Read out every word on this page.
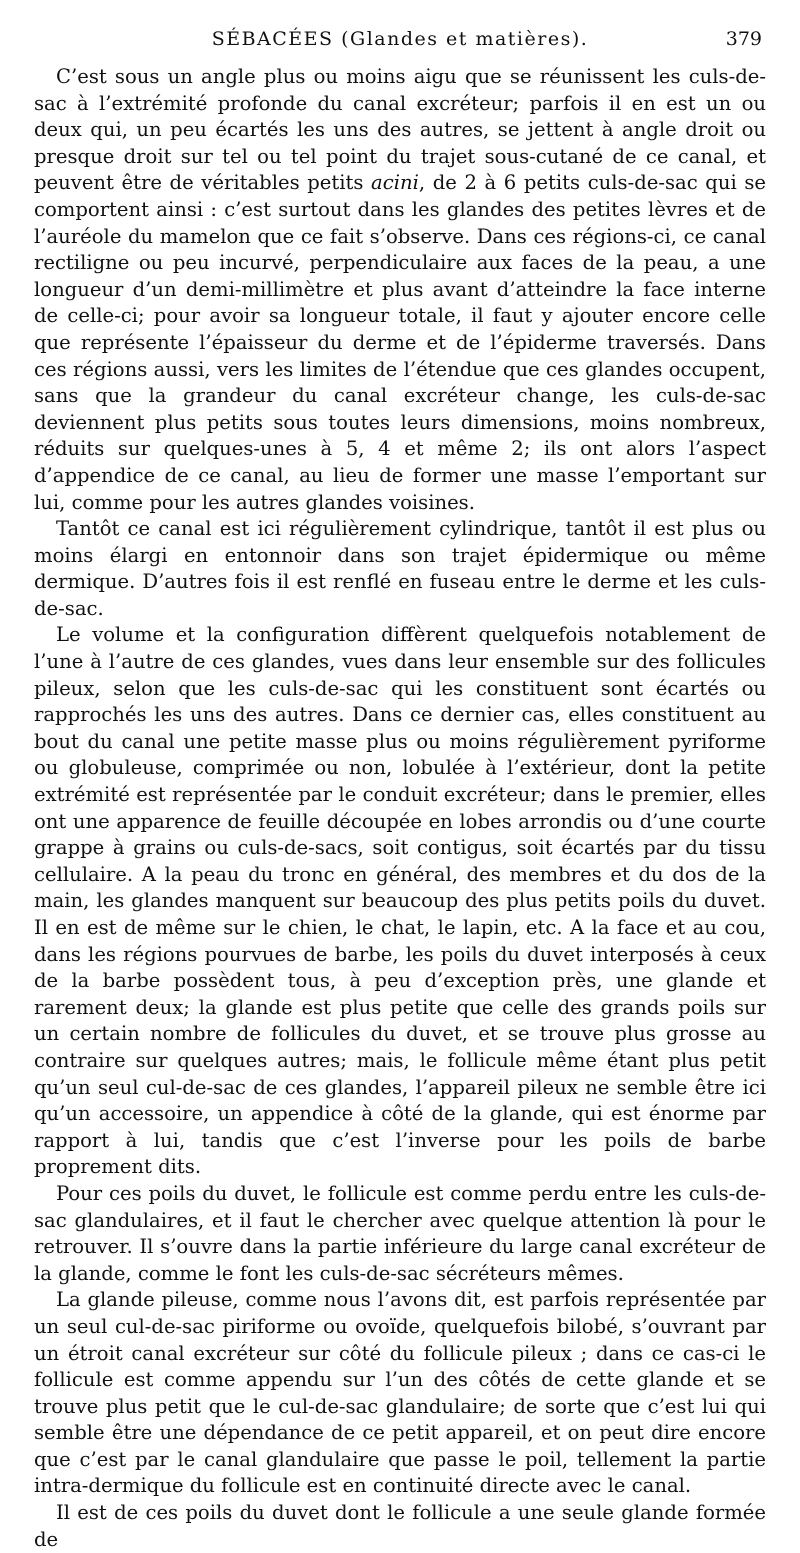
SÉBACÉES (Glandes et matières).	379

C’est sous un angle plus ou moins aigu que se réunissent les culs-de-sac à l’extrémité profonde du canal excréteur; parfois il en est un ou deux qui, un peu écartés les uns des autres, se jettent à angle droit ou presque droit sur tel ou tel point du trajet sous-cutané de ce canal, et peuvent être de véritables petits acini, de 2 à 6 petits culs-de-sac qui se comportent ainsi : c’est surtout dans les glandes des petites lèvres et de l’auréole du mamelon que ce fait s’observe. Dans ces régions-ci, ce canal rectiligne ou peu incurvé, perpendiculaire aux faces de la peau, a une longueur d’un demi-millimètre et plus avant d’atteindre la face interne de celle-ci; pour avoir sa longueur totale, il faut y ajouter encore celle que représente l’épaisseur du derme et de l’épiderme traversés. Dans ces régions aussi, vers les limites de l’étendue que ces glandes occupent, sans que la grandeur du canal excréteur change, les culs-de-sac deviennent plus petits sous toutes leurs dimensions, moins nombreux, réduits sur quelques-unes à 5, 4 et même 2; ils ont alors l’aspect d’appendice de ce canal, au lieu de former une masse l’emportant sur lui, comme pour les autres glandes voisines.

Tantôt ce canal est ici régulièrement cylindrique, tantôt il est plus ou moins élargi en entonnoir dans son trajet épidermique ou même dermique. D’autres fois il est renflé en fuseau entre le derme et les culs-de-sac.

Le volume et la configuration diffèrent quelquefois notablement de l’une à l’autre de ces glandes, vues dans leur ensemble sur des follicules pileux, selon que les culs-de-sac qui les constituent sont écartés ou rapprochés les uns des autres. Dans ce dernier cas, elles constituent au bout du canal une petite masse plus ou moins régulièrement pyriforme ou globuleuse, comprimée ou non, lobulée à l’extérieur, dont la petite extrémité est représentée par le conduit excréteur; dans le premier, elles ont une apparence de feuille découpée en lobes arrondis ou d’une courte grappe à grains ou culs-de-sacs, soit contigus, soit écartés par du tissu cellulaire. A la peau du tronc en général, des membres et du dos de la main, les glandes manquent sur beaucoup des plus petits poils du duvet. Il en est de même sur le chien, le chat, le lapin, etc. A la face et au cou, dans les régions pourvues de barbe, les poils du duvet interposés à ceux de la barbe possèdent tous, à peu d’exception près, une glande et rarement deux; la glande est plus petite que celle des grands poils sur un certain nombre de follicules du duvet, et se trouve plus grosse au contraire sur quelques autres; mais, le follicule même étant plus petit qu’un seul cul-de-sac de ces glandes, l’appareil pileux ne semble être ici qu’un accessoire, un appendice à côté de la glande, qui est énorme par rapport à lui, tandis que c’est l’inverse pour les poils de barbe proprement dits.

Pour ces poils du duvet, le follicule est comme perdu entre les culs-de-sac glandulaires, et il faut le chercher avec quelque attention là pour le retrouver. Il s’ouvre dans la partie inférieure du large canal excréteur de la glande, comme le font les culs-de-sac sécréteurs mêmes.

La glande pileuse, comme nous l’avons dit, est parfois représentée par un seul cul-de-sac piriforme ou ovoïde, quelquefois bilobé, s’ouvrant par un étroit canal excréteur sur côté du follicule pileux ; dans ce cas-ci le follicule est comme appendu sur l’un des côtés de cette glande et se trouve plus petit que le cul-de-sac glandulaire; de sorte que c’est lui qui semble être une dépendance de ce petit appareil, et on peut dire encore que c’est par le canal glandulaire que passe le poil, tellement la partie intra-dermique du follicule est en continuité directe avec le canal.

Il est de ces poils du duvet dont le follicule a une seule glande formée de
